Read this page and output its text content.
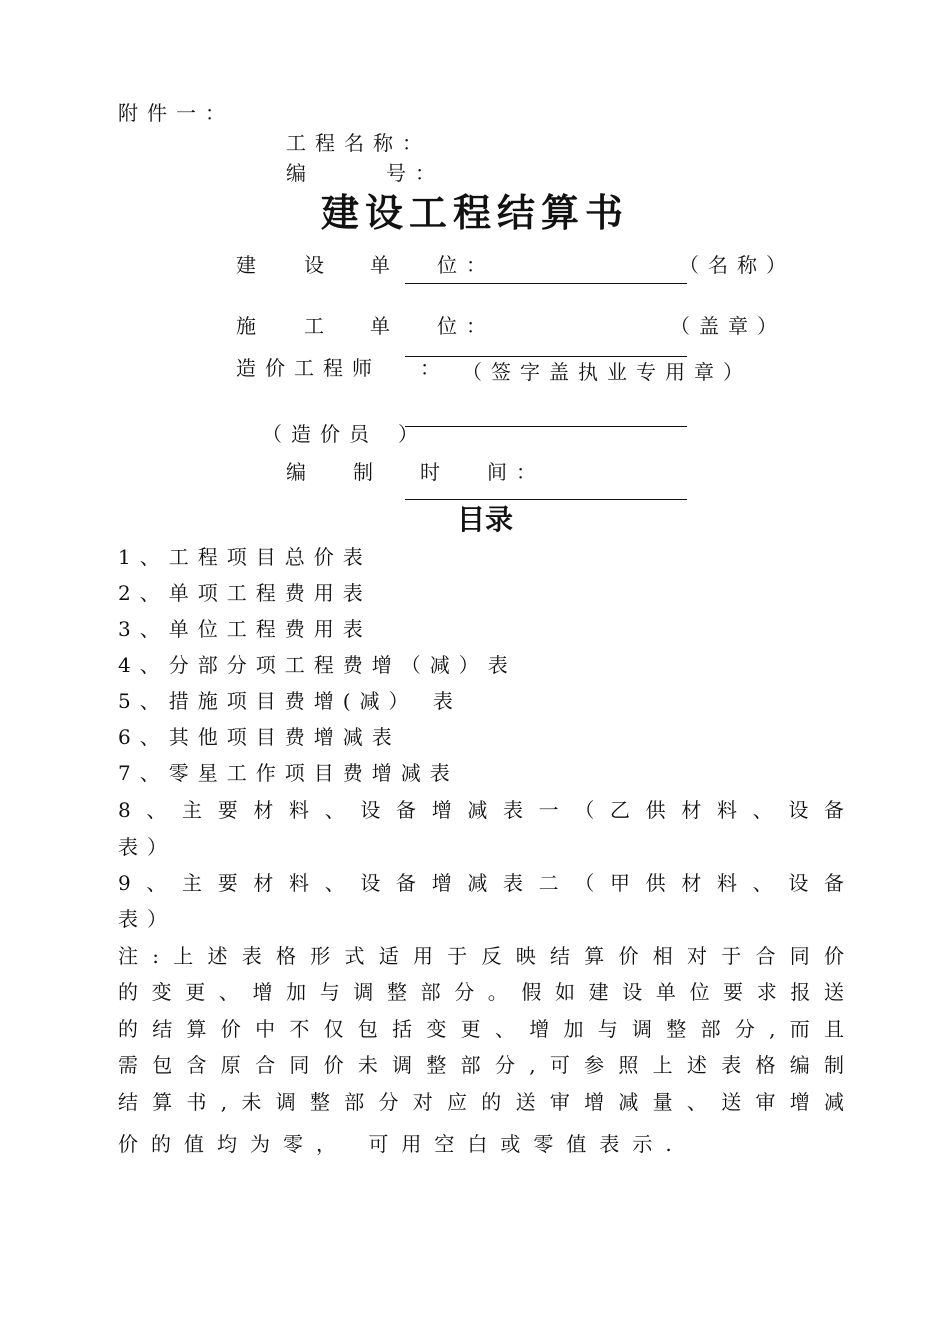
附件一：
工程名称：
编	号：
建设工程结算书
建 设 单 位：	（名称）
施 工 单 位：	（盖章）
造价工程师 ： （签字盖执业专用章）
（造价员 ）
编 制 时 间：
目录
1、工程项目总价表
2、单项工程费用表
3、单位工程费用表
4、分部分项工程费增（减）表
5、措施项目费增(减） 表
6、其他项目费增减表
7、零星工作项目费增减表
8、主要材料、设备增减表一（乙供材料、设备
表）
9、主要材料、设备增减表二（甲供材料、设备
表）
注:上述表格形式适用于反映结算价相对于合同价
的变更、增加与调整部分。假如建设单位要求报送
的结算价中不仅包括变更、增加与调整部分,而且
需包含原合同价未调整部分,可参照上述表格编制
结算书,未调整部分对应的送审增减量、送审增减
价的值均为零， 可用空白或零值表示.
